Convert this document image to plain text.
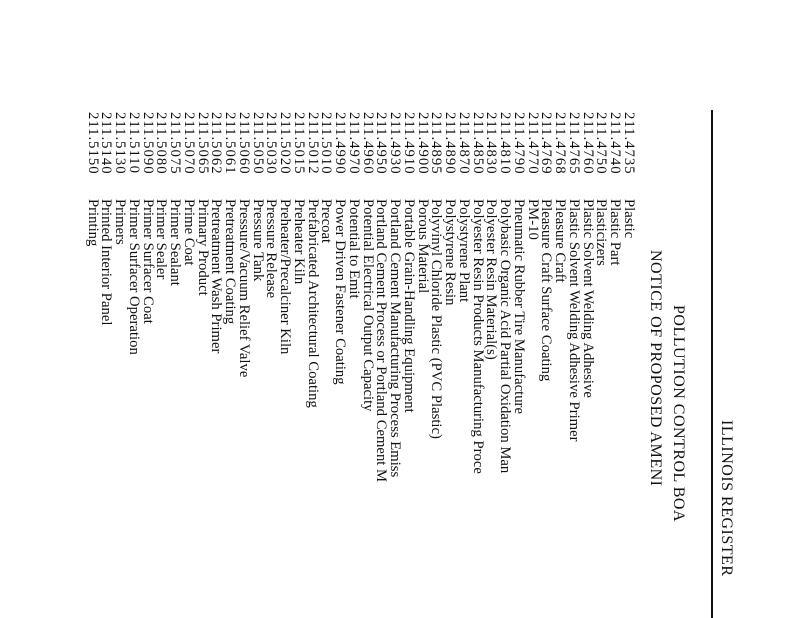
ILLINOIS REGISTER
POLLUTION CONTROL BOA
NOTICE OF PROPOSED AMENI
211.4735
Plastic
211.4740
Plastic Part
211.4750
Plasticizers
211.4760
Plastic Solvent Welding Adhesive
211.4765
Plastic Solvent Welding Adhesive Primer
211.4768
Pleasure Craft
211.4769
Pleasure Craft Surface Coating
211.4770
PM-10
211.4790
Pneumatic Rubber Tire Manufacture
211.4810
Polybasic Organic Acid Partial Oxidation Man
211.4830
Polyester Resin Material(s)
211.4850
Polyester Resin Products Manufacturing Proce
211.4870
Polystyrene Plant
211.4890
Polystyrene Resin
211.4895
Polyvinyl Chloride Plastic (PVC Plastic)
211.4900
Porous Material
211.4910
Portable Grain-Handling Equipment
211.4930
Portland Cement Manufacturing Process Emiss
211.4950
Portland Cement Process or Portland Cement M
211.4960
Potential Electrical Output Capacity
211.4970
Potential to Emit
211.4990
Power Driven Fastener Coating
211.5010
Precoat
211.5012
Prefabricated Architectural Coating
211.5015
Preheater Kiln
211.5020
Preheater/Precalciner Kiln
211.5030
Pressure Release
211.5050
Pressure Tank
211.5060
Pressure/Vacuum Relief Valve
211.5061
Pretreatment Coating
211.5062
Pretreatment Wash Primer
211.5065
Primary Product
211.5070
Prime Coat
211.5075
Primer Sealant
211.5080
Primer Sealer
211.5090
Primer Surfacer Coat
211.5110
Primer Surfacer Operation
211.5130
Primers
211.5140
Printed Interior Panel
211.5150
Printing
